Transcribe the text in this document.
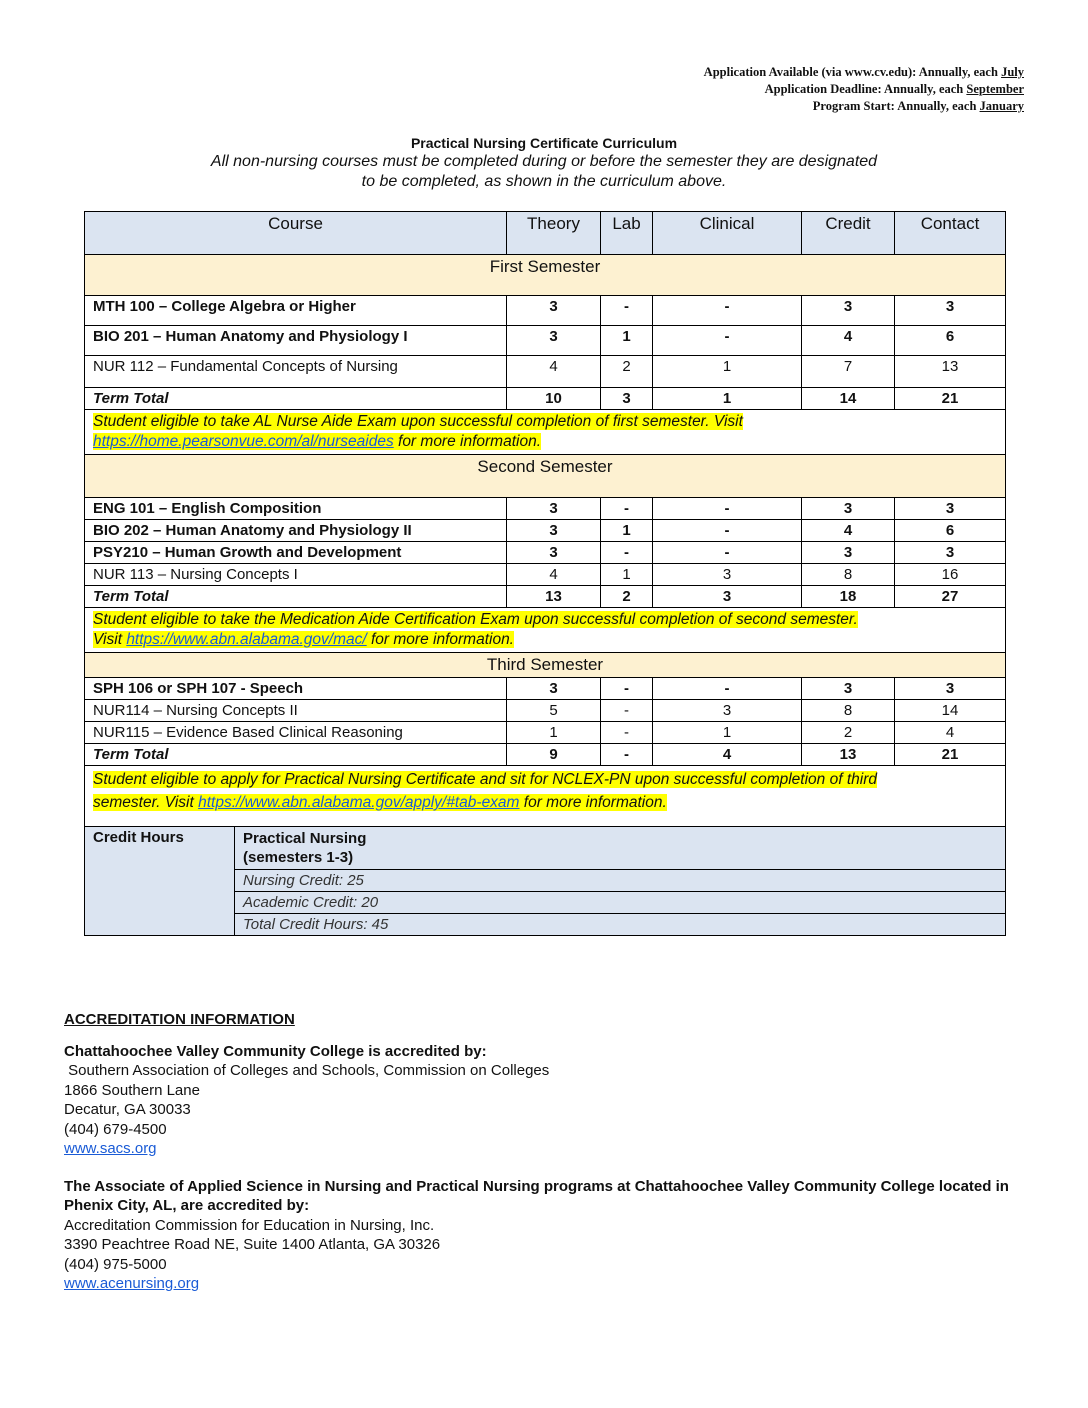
Application Available (via www.cv.edu): Annually, each July
Application Deadline: Annually, each September
Program Start: Annually, each January
Practical Nursing Certificate Curriculum
All non-nursing courses must be completed during or before the semester they are designated
to be completed, as shown in the curriculum above.
Course		Theory	Lab	Clinical	Credit	Contact
First Semester						
MTH 100 – College Algebra or Higher		3	-	-	3	3
BIO 201 – Human Anatomy and Physiology I		3	1	-	4	6
NUR 112 – Fundamental Concepts of Nursing		4	2	1	7	13
Term Total		10	3	1	14	21
Student eligible to take AL Nurse Aide Exam upon successful completion of first semester. Visit
https://home.pearsonvue.com/al/nurseaides for more information.						
Second Semester						
ENG 101 – English Composition		3	-	-	3	3
BIO 202 – Human Anatomy and Physiology II		3	1	-	4	6
PSY210 – Human Growth and Development		3	-	-	3	3
NUR 113 – Nursing Concepts I		4	1	3	8	16
Term Total		13	2	3	18	27
Student eligible to take the Medication Aide Certification Exam upon successful completion of second semester.
Visit https://www.abn.alabama.gov/mac/ for more information.						
Third Semester						
SPH 106 or SPH 107 - Speech		3	-	-	3	3
NUR114 – Nursing Concepts II		5	-	3	8	14
NUR115 – Evidence Based Clinical Reasoning		1	-	1	2	4
Term Total		9	-	4	13	21
Student eligible to apply for Practical Nursing Certificate and sit for NCLEX-PN upon successful completion of third
semester. Visit https://www.abn.alabama.gov/apply/#tab-exam for more information.						
Credit Hours	Practical Nursing
(semesters 1-3)					

	Nursing Credit: 25					
	Academic Credit: 20					
	Total Credit Hours: 45					
ACCREDITATION INFORMATION
Chattahoochee Valley Community College is accredited by:
Southern Association of Colleges and Schools, Commission on Colleges
1866 Southern Lane
Decatur, GA 30033
(404) 679-4500
www.sacs.org
The Associate of Applied Science in Nursing and Practical Nursing programs at Chattahoochee Valley Community College located in Phenix City, AL, are accredited by:
Accreditation Commission for Education in Nursing, Inc.
3390 Peachtree Road NE, Suite 1400 Atlanta, GA 30326
(404) 975-5000
www.acenursing.org
